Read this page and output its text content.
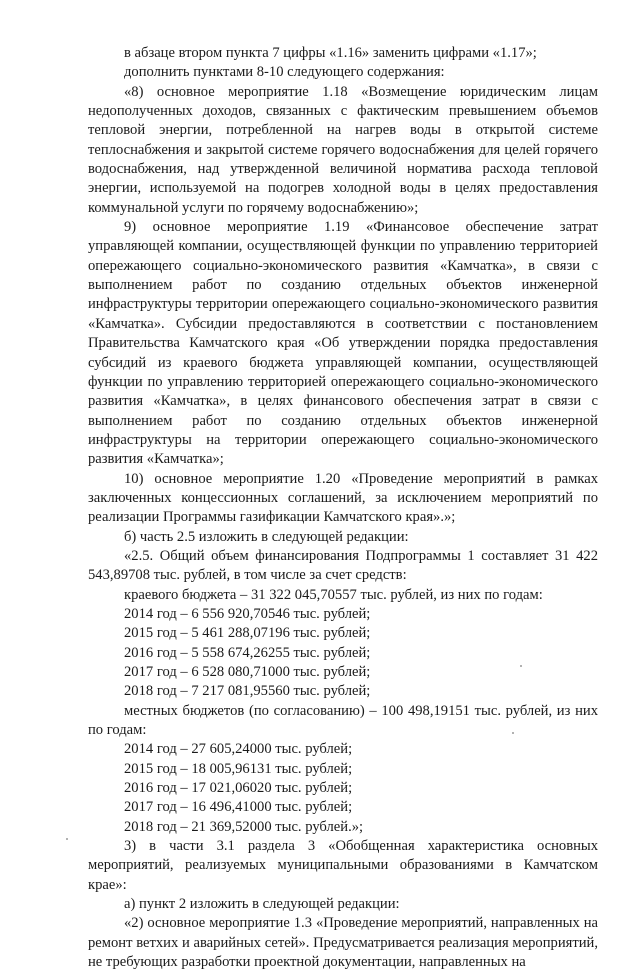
в абзаце втором пункта 7 цифры «1.16» заменить цифрами «1.17»;

дополнить пунктами 8-10 следующего содержания:

«8) основное мероприятие 1.18 «Возмещение юридическим лицам недополученных доходов, связанных с фактическим превышением объемов тепловой энергии, потребленной на нагрев воды в открытой системе теплоснабжения и закрытой системе горячего водоснабжения для целей горячего водоснабжения, над утвержденной величиной норматива расхода тепловой энергии, используемой на подогрев холодной воды в целях предоставления коммунальной услуги по горячему водоснабжению»;

9) основное мероприятие 1.19 «Финансовое обеспечение затрат управляющей компании, осуществляющей функции по управлению территорией опережающего социально-экономического развития «Камчатка», в связи с выполнением работ по созданию отдельных объектов инженерной инфраструктуры территории опережающего социально-экономического развития «Камчатка». Субсидии предоставляются в соответствии с постановлением Правительства Камчатского края «Об утверждении порядка предоставления субсидий из краевого бюджета управляющей компании, осуществляющей функции по управлению территорией опережающего социально-экономического развития «Камчатка», в целях финансового обеспечения затрат в связи с выполнением работ по созданию отдельных объектов инженерной инфраструктуры на территории опережающего социально-экономического развития «Камчатка»;

10) основное мероприятие 1.20 «Проведение мероприятий в рамках заключенных концессионных соглашений, за исключением мероприятий по реализации Программы газификации Камчатского края».»;

б) часть 2.5 изложить в следующей редакции:

«2.5. Общий объем финансирования Подпрограммы 1 составляет 31 422 543,89708 тыс. рублей, в том числе за счет средств:

краевого бюджета – 31 322 045,70557 тыс. рублей, из них по годам:

2014 год – 6 556 920,70546 тыс. рублей;

2015 год – 5 461 288,07196 тыс. рублей;

2016 год – 5 558 674,26255 тыс. рублей;

2017 год – 6 528 080,71000 тыс. рублей;

2018 год – 7 217 081,95560 тыс. рублей;

местных бюджетов (по согласованию) – 100 498,19151 тыс. рублей, из них по годам:

2014 год – 27 605,24000 тыс. рублей;

2015 год – 18 005,96131 тыс. рублей;

2016 год – 17 021,06020 тыс. рублей;

2017 год – 16 496,41000 тыс. рублей;

2018 год – 21 369,52000 тыс. рублей.»;

3) в части 3.1 раздела 3 «Обобщенная характеристика основных мероприятий, реализуемых муниципальными образованиями в Камчатском крае»:

а) пункт 2 изложить в следующей редакции:

«2) основное мероприятие 1.3 «Проведение мероприятий, направленных на ремонт ветхих и аварийных сетей». Предусматривается реализация мероприятий, не требующих разработки проектной документации, направленных на
